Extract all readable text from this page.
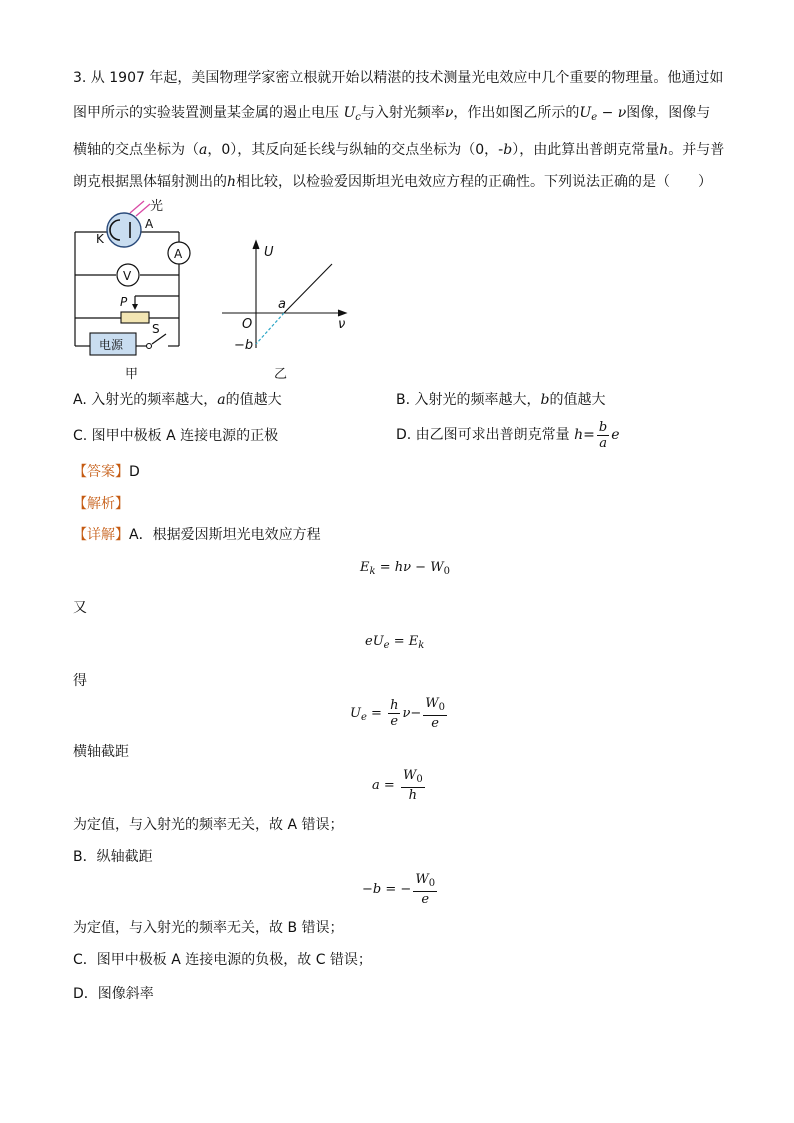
3. 从 1907 年起，美国物理学家密立根就开始以精湛的技术测量光电效应中几个重要的物理量。他通过如
图甲所示的实验装置测量某金属的遏止电压 $U_c$与入射光频率ν，作出如图乙所示的$U_e - \nu$图像，图像与
横轴的交点坐标为（a，0），其反向延长线与纵轴的交点坐标为（0，-b），由此算出普朗克常量h。并与普
朗克根据黑体辐射测出的h相比较，以检验爱因斯坦光电效应方程的正确性。下列说法正确的是（　　）
光
A
K
A
V
P
S
电源
甲
U
ν
O
a
−b
乙
A. 入射光的频率越大，a的值越大	B. 入射光的频率越大，b的值越大
C. 图甲中极板 A 连接电源的正极	D. 由乙图可求出普朗克常量 $h= \frac{b}{a}$ e
【答案】D
【解析】
【详解】A．根据爱因斯坦光电效应方程
$E_k = h\nu - W_0$
又
$eU_e = E_k$
得
$U_e = \frac{h}{e} \nu- \frac{W_0}{e}$
横轴截距
$a = \frac{W_0}{h}$
为定值，与入射光的频率无关，故 A 错误；
B．纵轴截距
−b = − $\frac{W_0}{e}$
为定值，与入射光的频率无关，故 B 错误；
C．图甲中极板 A 连接电源的负极，故 C 错误；
D．图像斜率
